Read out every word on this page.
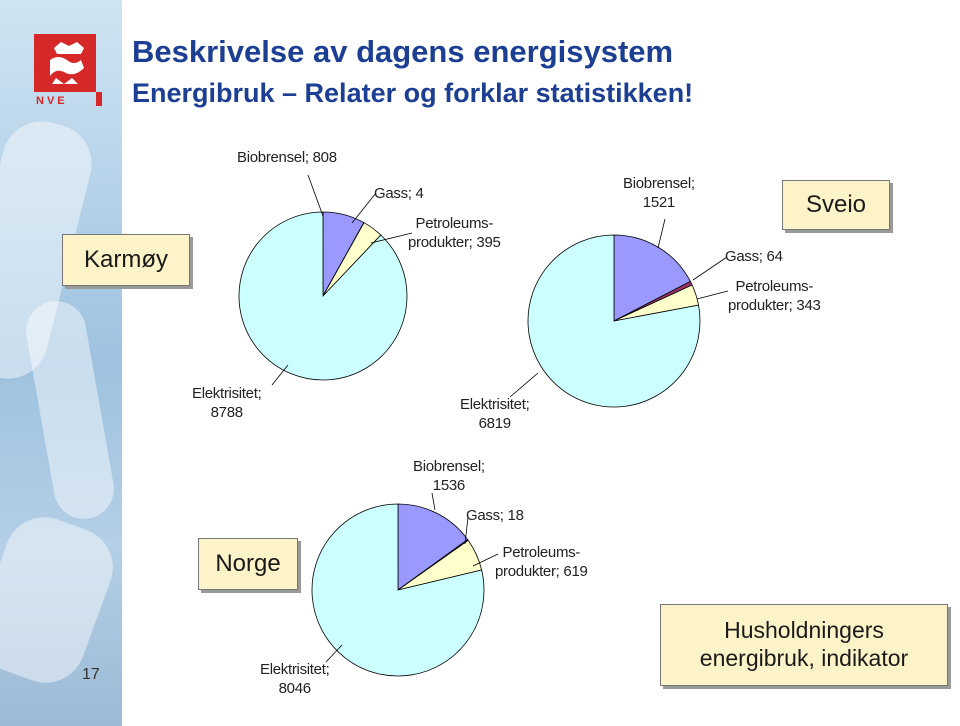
NVE
Beskrivelse av dagens energisystem
Energibruk – Relater og forklar statistikken!
Biobrensel; 808
Gass; 4
Petroleums-
produkter; 395
Elektrisitet;
8788
Biobrensel;
1521
Gass; 64
Petroleums-
produkter; 343
Elektrisitet;
6819
Biobrensel;
1536
Gass; 18
Petroleums-
produkter; 619
Elektrisitet;
8046
Karmøy
Sveio
Norge
Husholdningers
energibruk, indikator
17
